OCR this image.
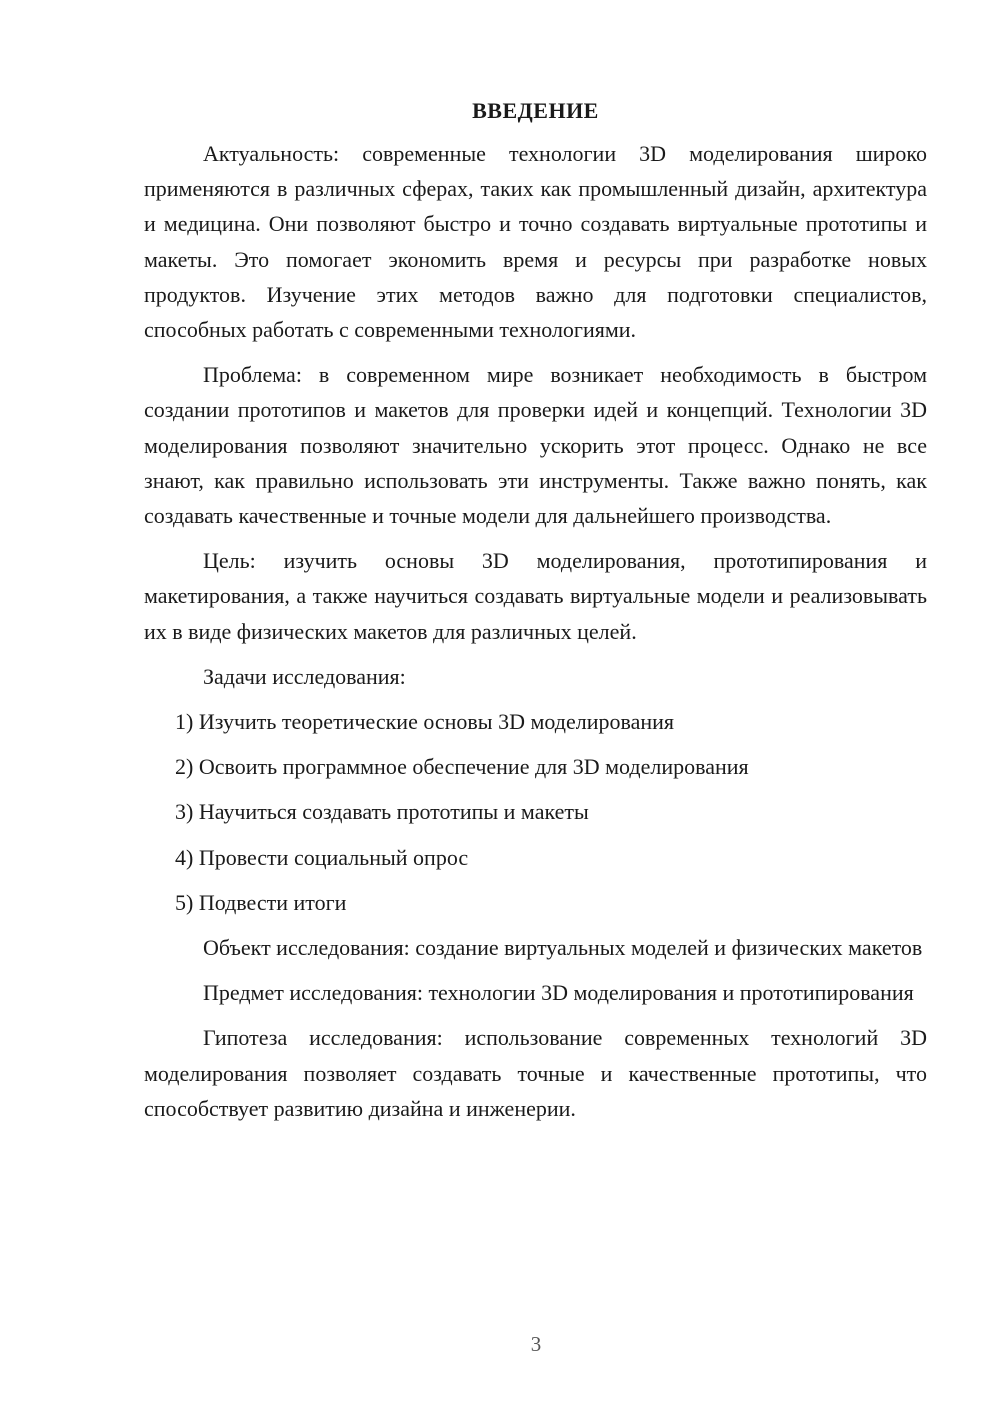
ВВЕДЕНИЕ

Актуальность: современные технологии 3D моделирования широко применяются в различных сферах, таких как промышленный дизайн, архитектура и медицина. Они позволяют быстро и точно создавать виртуальные прототипы и макеты. Это помогает экономить время и ресурсы при разработке новых продуктов. Изучение этих методов важно для подготовки специалистов, способных работать с современными технологиями.

Проблема: в современном мире возникает необходимость в быстром создании прототипов и макетов для проверки идей и концепций. Технологии 3D моделирования позволяют значительно ускорить этот процесс. Однако не все знают, как правильно использовать эти инструменты. Также важно понять, как создавать качественные и точные модели для дальнейшего производства.

Цель: изучить основы 3D моделирования, прототипирования и макетирования, а также научиться создавать виртуальные модели и реализовывать их в виде физических макетов для различных целей.

Задачи исследования:

1) Изучить теоретические основы 3D моделирования
2) Освоить программное обеспечение для 3D моделирования
3) Научиться создавать прототипы и макеты
4) Провести социальный опрос
5) Подвести итоги

Объект исследования: создание виртуальных моделей и физических макетов

Предмет исследования: технологии 3D моделирования и прототипирования

Гипотеза исследования: использование современных технологий 3D моделирования позволяет создавать точные и качественные прототипы, что способствует развитию дизайна и инженерии.

3
